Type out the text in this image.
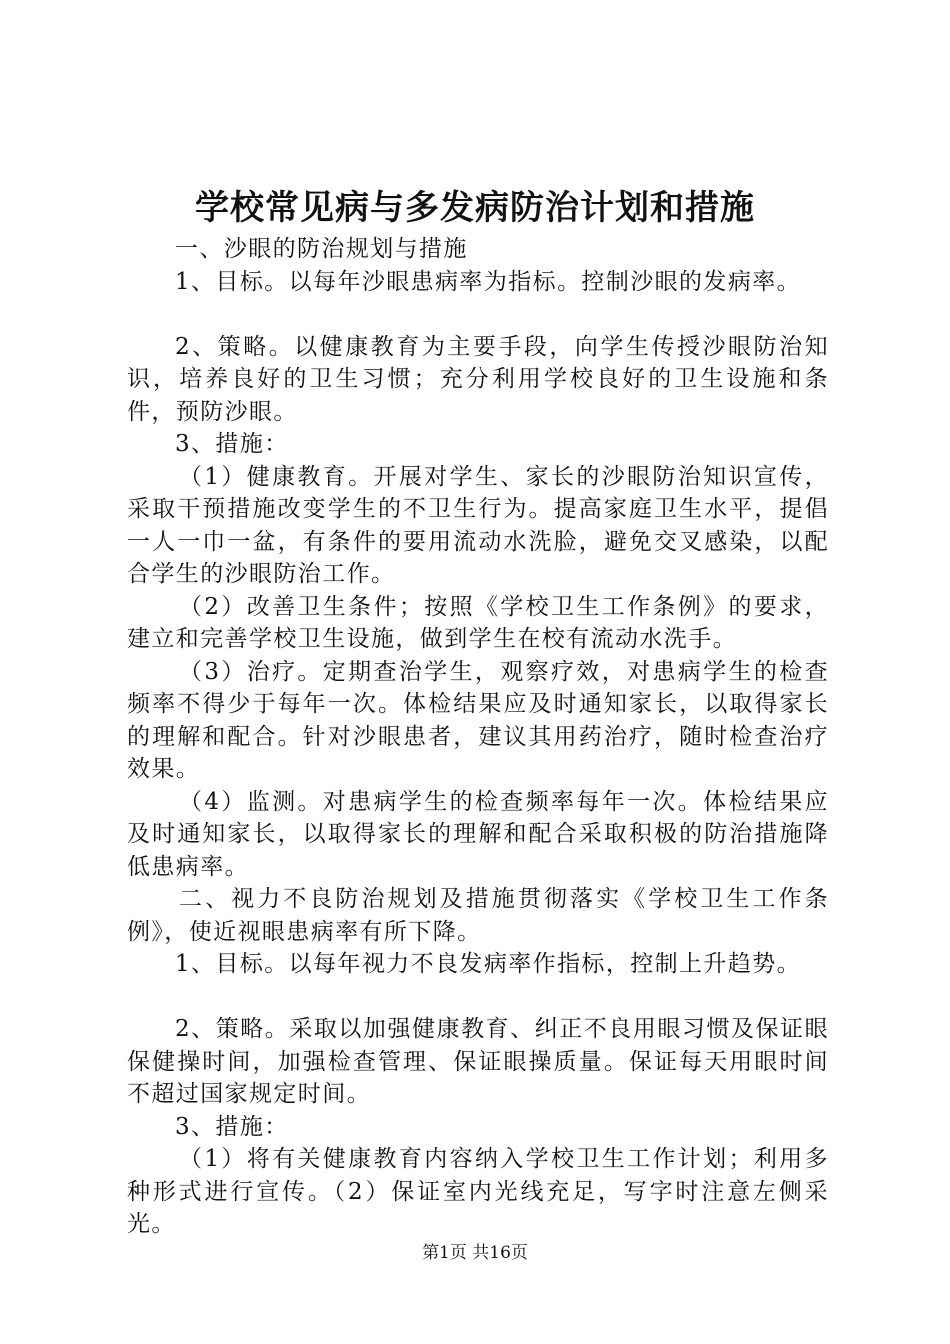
学校常见病与多发病防治计划和措施

一、沙眼的防治规划与措施

1、目标。以每年沙眼患病率为指标。控制沙眼的发病率。

2、策略。以健康教育为主要手段，向学生传授沙眼防治知识，培养良好的卫生习惯；充分利用学校良好的卫生设施和条件，预防沙眼。

3、措施：

（1）健康教育。开展对学生、家长的沙眼防治知识宣传，采取干预措施改变学生的不卫生行为。提高家庭卫生水平，提倡一人一巾一盆，有条件的要用流动水洗脸，避免交叉感染，以配合学生的沙眼防治工作。

（2）改善卫生条件；按照《学校卫生工作条例》的要求，建立和完善学校卫生设施，做到学生在校有流动水洗手。

（3）治疗。定期查治学生，观察疗效，对患病学生的检查频率不得少于每年一次。体检结果应及时通知家长，以取得家长的理解和配合。针对沙眼患者，建议其用药治疗，随时检查治疗效果。

（4）监测。对患病学生的检查频率每年一次。体检结果应及时通知家长，以取得家长的理解和配合采取积极的防治措施降低患病率。

二、视力不良防治规划及措施贯彻落实《学校卫生工作条例》，使近视眼患病率有所下降。

1、目标。以每年视力不良发病率作指标，控制上升趋势。

2、策略。采取以加强健康教育、纠正不良用眼习惯及保证眼保健操时间，加强检查管理、保证眼操质量。保证每天用眼时间不超过国家规定时间。

3、措施：

（1）将有关健康教育内容纳入学校卫生工作计划；利用多种形式进行宣传。（2）保证室内光线充足，写字时注意左侧采光。

第1页 共16页
